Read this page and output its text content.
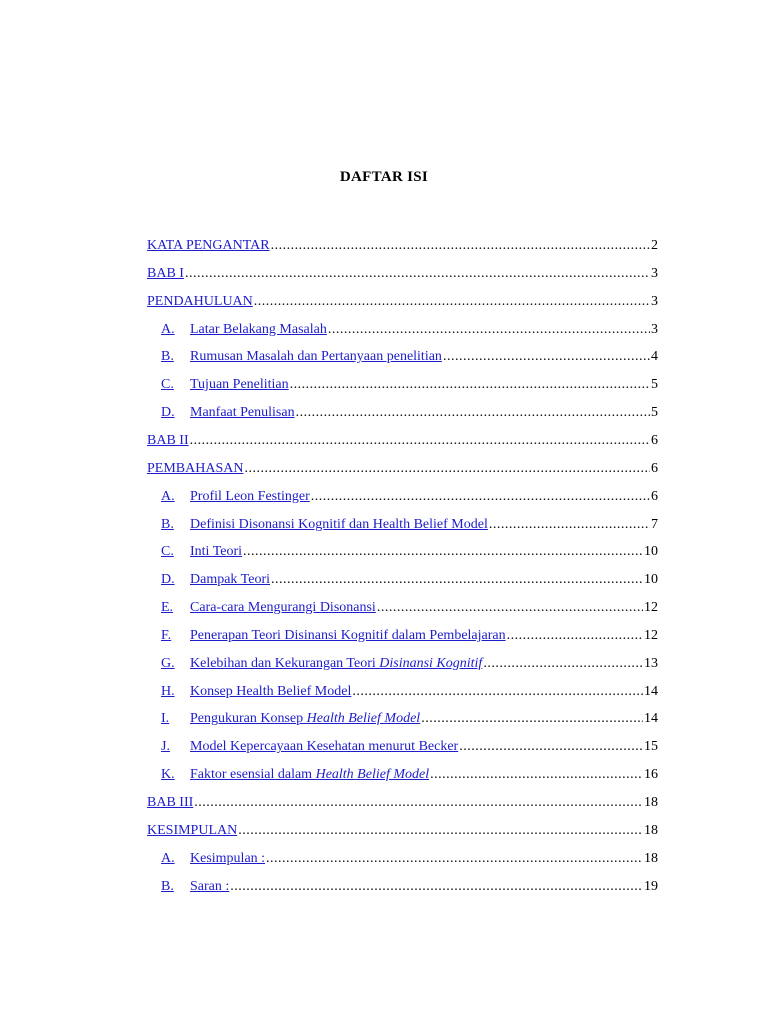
DAFTAR ISI
KATA PENGANTAR .....	2
BAB I .....	3
PENDAHULUAN .....	3
A.	Latar Belakang Masalah .....	3
B.	Rumusan Masalah dan Pertanyaan penelitian .....	4
C.	Tujuan Penelitian .....	5
D.	Manfaat Penulisan .....	5
BAB II .....	6
PEMBAHASAN .....	6
A.	Profil Leon Festinger .....	6
B.	Definisi Disonansi Kognitif dan Health Belief Model .....	7
C.	Inti Teori .....	10
D.	Dampak Teori .....	10
E.	Cara-cara Mengurangi Disonansi .....	12
F.	Penerapan Teori Disinansi Kognitif dalam Pembelajaran .....	12
G.	Kelebihan dan Kekurangan Teori Disinansi Kognitif .....	13
H.	Konsep Health Belief Model .....	14
I.	Pengukuran Konsep Health Belief Model .....	14
J.	Model Kepercayaan Kesehatan menurut Becker .....	15
K.	Faktor esensial dalam Health Belief Model .....	16
BAB III .....	18
KESIMPULAN .....	18
A.	Kesimpulan : .....	18
B.	Saran : .....	19
